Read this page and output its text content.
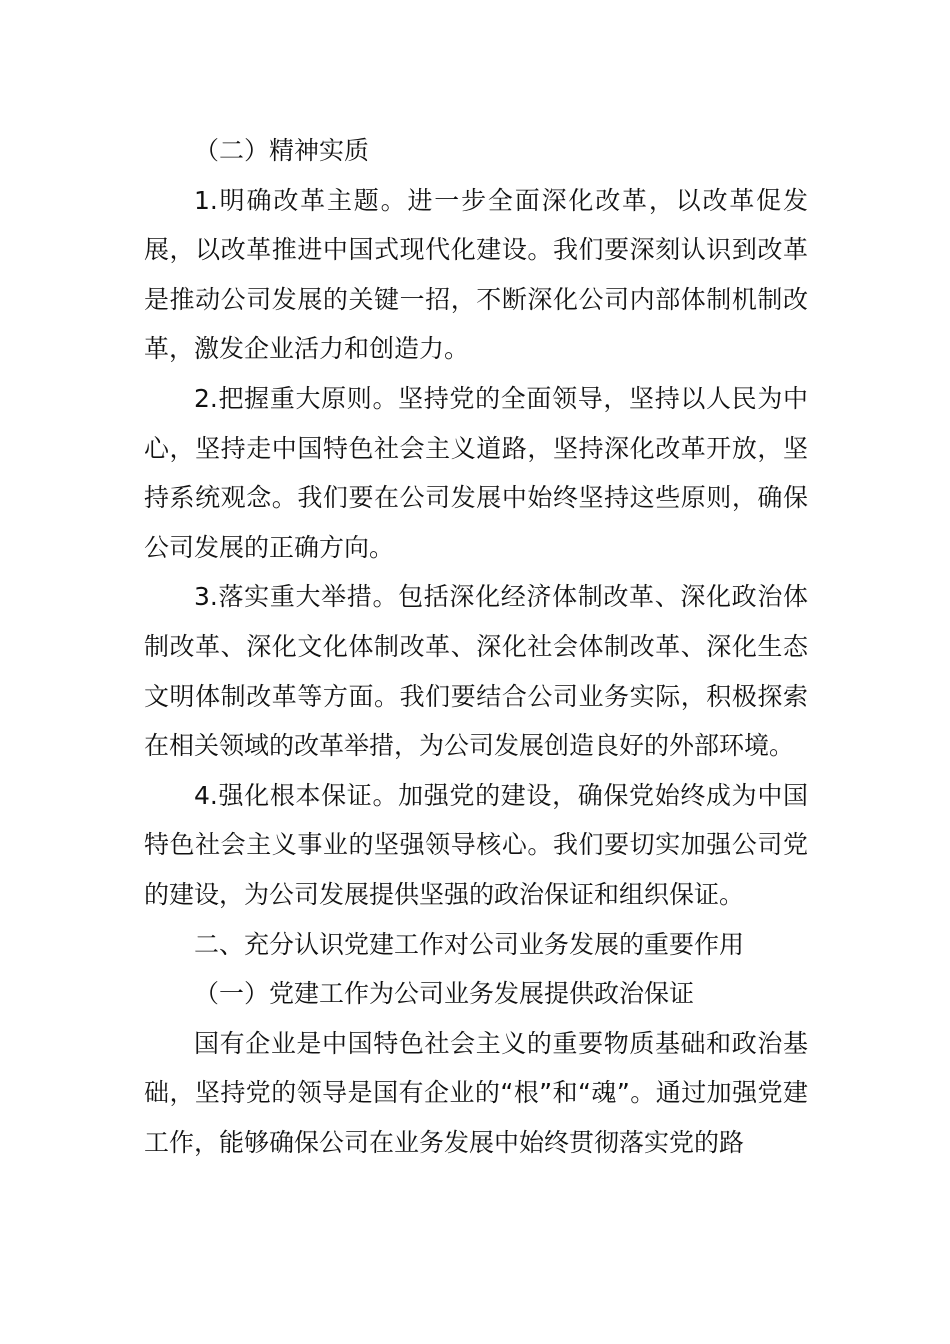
（二）精神实质

1.明确改革主题。进一步全面深化改革，以改革促发展，以改革推进中国式现代化建设。我们要深刻认识到改革是推动公司发展的关键一招，不断深化公司内部体制机制改革，激发企业活力和创造力。

2.把握重大原则。坚持党的全面领导，坚持以人民为中心，坚持走中国特色社会主义道路，坚持深化改革开放，坚持系统观念。我们要在公司发展中始终坚持这些原则，确保公司发展的正确方向。

3.落实重大举措。包括深化经济体制改革、深化政治体制改革、深化文化体制改革、深化社会体制改革、深化生态文明体制改革等方面。我们要结合公司业务实际，积极探索在相关领域的改革举措，为公司发展创造良好的外部环境。

4.强化根本保证。加强党的建设，确保党始终成为中国特色社会主义事业的坚强领导核心。我们要切实加强公司党的建设，为公司发展提供坚强的政治保证和组织保证。

二、充分认识党建工作对公司业务发展的重要作用

（一）党建工作为公司业务发展提供政治保证

国有企业是中国特色社会主义的重要物质基础和政治基础，坚持党的领导是国有企业的“根”和“魂”。通过加强党建工作，能够确保公司在业务发展中始终贯彻落实党的路
